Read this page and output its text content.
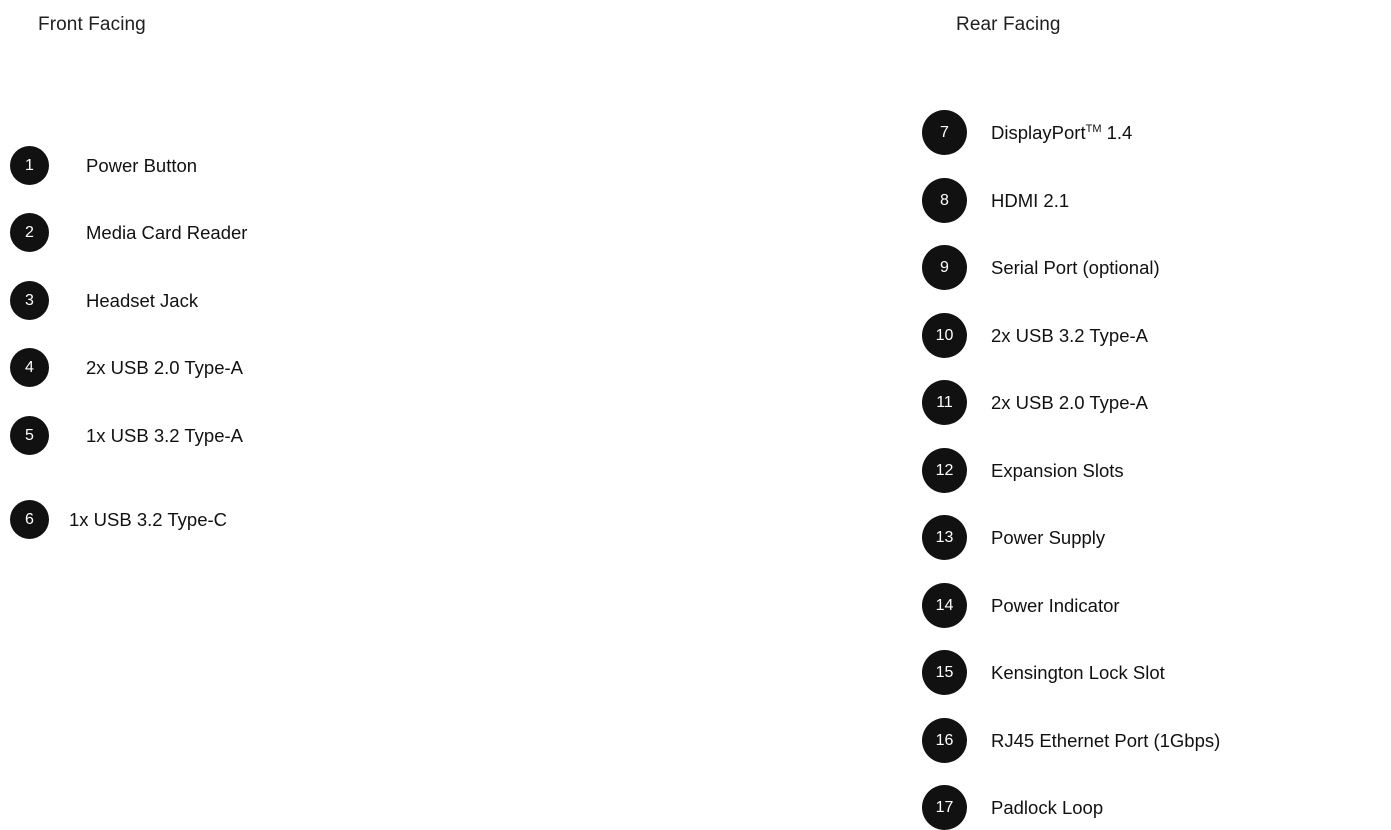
Front Facing
1	Power Button
2	Media Card Reader
3	Headset Jack
4	2x USB 2.0 Type-A
5	1x USB 3.2 Type-A
6	1x USB 3.2 Type-C
Rear Facing
7	DisplayPort™ 1.4
8	HDMI 2.1
9	Serial Port (optional)
10	2x USB 3.2 Type-A
11	2x USB 2.0 Type-A
12	Expansion Slots
13	Power Supply
14	Power Indicator
15	Kensington Lock Slot
16	RJ45 Ethernet Port (1Gbps)
17	Padlock Loop
